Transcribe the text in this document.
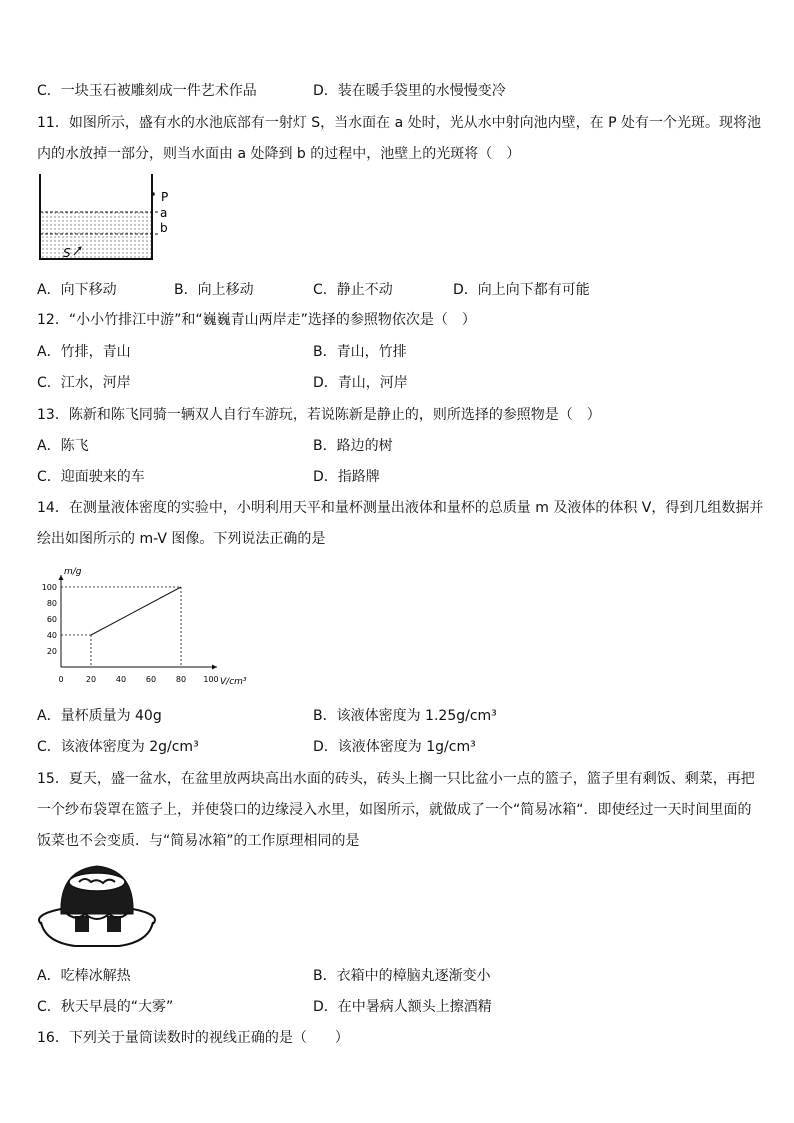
C．一块玉石被雕刻成一件艺术作品	D．装在暖手袋里的水慢慢变冷
11．如图所示，盛有水的水池底部有一射灯 S，当水面在 a 处时，光从水中射向池内壁，在 P 处有一个光斑。现将池
内的水放掉一部分，则当水面由 a 处降到 b 的过程中，池壁上的光斑将（　）
P
a
b
S
A．向下移动	B．向上移动	C．静止不动	D．向上向下都有可能
12．“小小竹排江中游”和“巍巍青山两岸走”选择的参照物依次是（　）
A．竹排，青山	B．青山，竹排
C．江水，河岸	D．青山，河岸
13．陈新和陈飞同骑一辆双人自行车游玩，若说陈新是静止的，则所选择的参照物是（　）
A．陈飞	B．路边的树
C．迎面驶来的车	D．指路牌
14．在测量液体密度的实验中，小明利用天平和量杯测量出液体和量杯的总质量 m 及液体的体积 V，得到几组数据并
绘出如图所示的 m-V 图像。下列说法正确的是
0	20 40 60 80 100
20
40
60
80
100
m/g
V/cm³
A．量杯质量为 40g	B．该液体密度为 1.25g/cm³
C．该液体密度为 2g/cm³	D．该液体密度为 1g/cm³
15．夏天，盛一盆水，在盆里放两块高出水面的砖头，砖头上搁一只比盆小一点的篮子，篮子里有剩饭、剩菜，再把
一个纱布袋罩在篮子上，并使袋口的边缘浸入水里，如图所示，就做成了一个“简易冰箱“．即使经过一天时间里面的
饭菜也不会变质．与“简易冰箱”的工作原理相同的是
A．吃棒冰解热	B．衣箱中的樟脑丸逐渐变小
C．秋天早晨的“大雾”	D．在中暑病人额头上擦酒精
16．下列关于量筒读数时的视线正确的是（　　）
